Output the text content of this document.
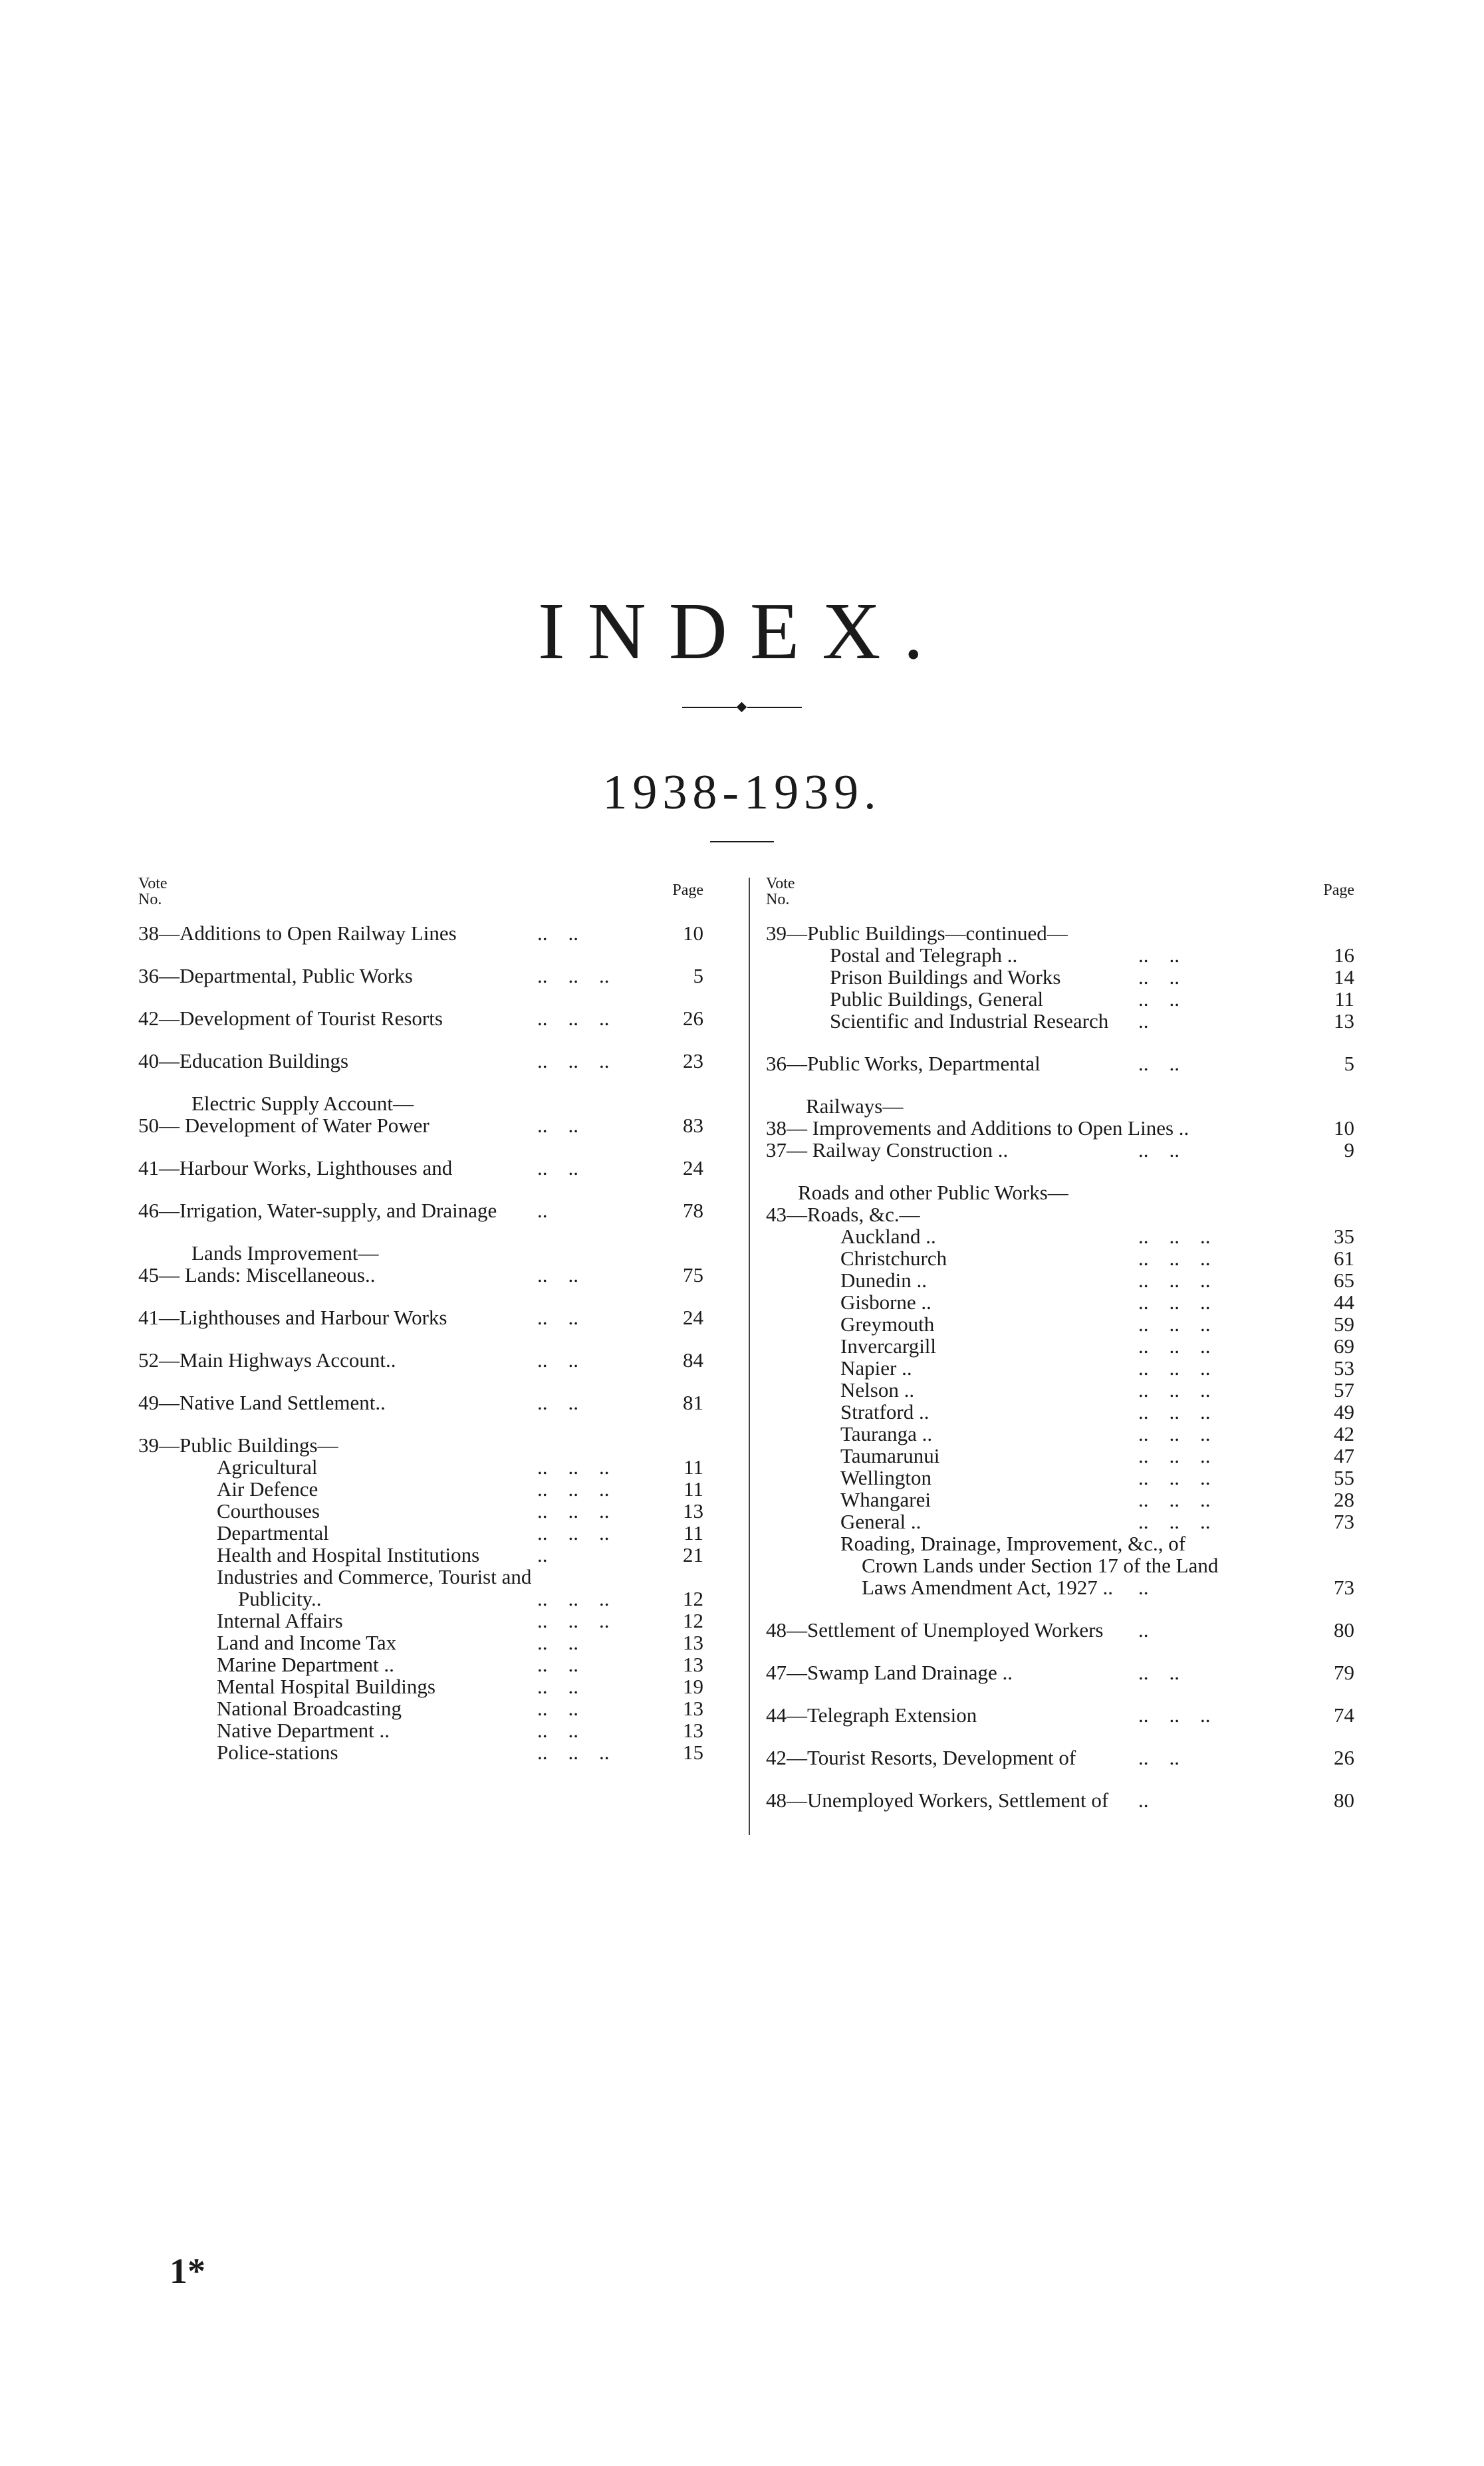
INDEX.
1938-1939.
Vote
No.
Page
38—Additions to Open Railway Lines	..    ..	10
36—Departmental, Public Works	..    ..    ..	5
42—Development of Tourist Resorts	..    ..    ..	26
40—Education Buildings	..    ..    ..	23
Electric Supply Account—
50— Development of Water Power	..    ..	83
41—Harbour Works, Lighthouses and	..    ..	24
46—Irrigation, Water-supply, and Drainage ..	78
Lands Improvement—
45— Lands: Miscellaneous..	..    ..	75
41—Lighthouses and Harbour Works	..    ..	24
52—Main Highways Account..	..    ..	84
49—Native Land Settlement..	..    ..	81
39—Public Buildings—
Agricultural	..    ..    ..	11
Air Defence	..    ..    ..	11
Courthouses	..    ..    ..	13
Departmental	..    ..    ..	11
Health and Hospital Institutions	..	21
Industries and Commerce, Tourist and
Publicity..	..    ..    ..	12
Internal Affairs	..    ..    ..	12
Land and Income Tax	..    ..	13
Marine Department ..	..    ..	13
Mental Hospital Buildings	..    ..	19
National Broadcasting	..    ..	13
Native Department ..	..    ..	13
Police-stations	..    ..    ..	15
Vote
No.
Page
39—Public Buildings—continued—
Postal and Telegraph ..	..    ..	16
Prison Buildings and Works	..    ..	14
Public Buildings, General	..    ..	11
Scientific and Industrial Research ..	13
36—Public Works, Departmental	..    ..	5
Railways—
38— Improvements and Additions to Open Lines ..	10
37— Railway Construction ..	..    ..	9
Roads and other Public Works—
43—Roads, &c.—
Auckland ..	..    ..    ..	35
Christchurch	..    ..    ..	61
Dunedin ..	..    ..    ..	65
Gisborne ..	..    ..    ..	44
Greymouth	..    ..    ..	59
Invercargill	..    ..    ..	69
Napier ..	..    ..    ..	53
Nelson ..	..    ..    ..	57
Stratford ..	..    ..    ..	49
Tauranga ..	..    ..    ..	42
Taumarunui	..    ..    ..	47
Wellington	..    ..    ..	55
Whangarei	..    ..    ..	28
General ..	..    ..    ..	73
Roading, Drainage, Improvement, &c., of
Crown Lands under Section 17 of the Land
Laws Amendment Act, 1927 .. ..	73
48—Settlement of Unemployed Workers ..	80
47—Swamp Land Drainage ..	..    ..	79
44—Telegraph Extension	..    ..    ..	74
42—Tourist Resorts, Development of	..    ..	26
48—Unemployed Workers, Settlement of ..	80
1*
